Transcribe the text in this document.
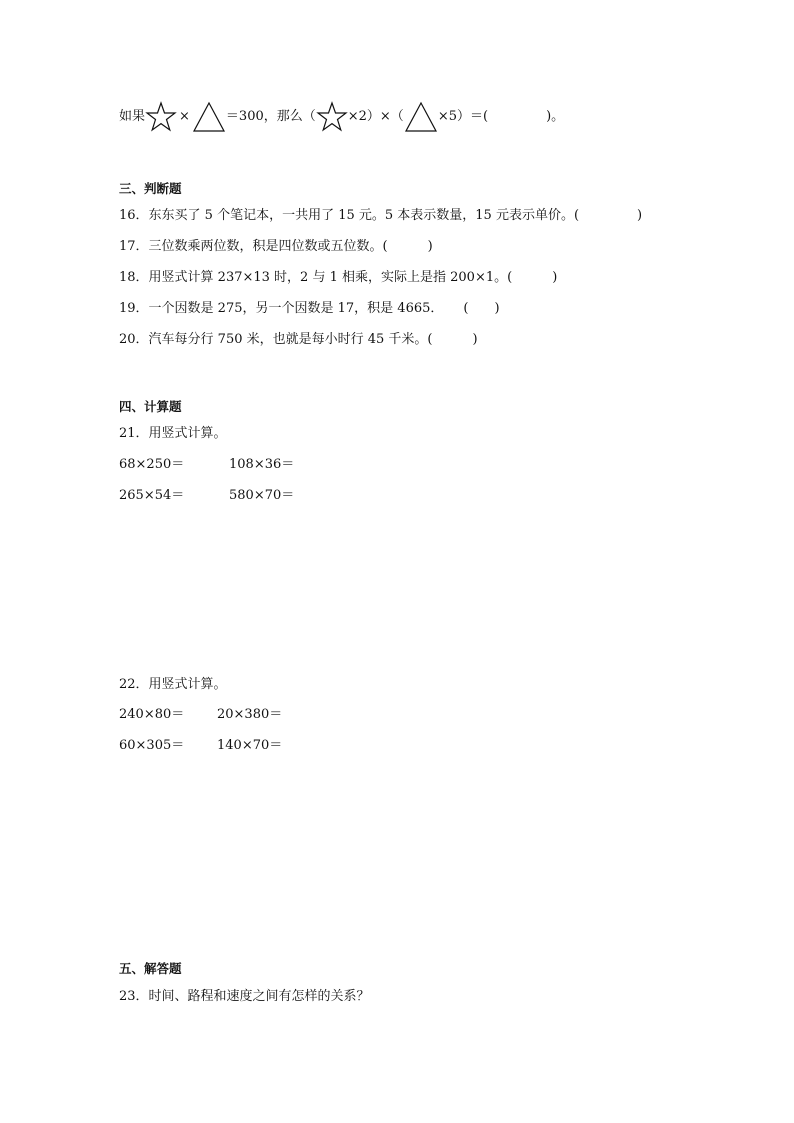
如果	×	＝300，那么（ ×2）×（	×5）＝(	)。
三、判断题
16．东东买了 5 个笔记本，一共用了 15 元。5 本表示数量，15 元表示单价。(	)
17．三位数乘两位数，积是四位数或五位数。(	)
18．用竖式计算 237×13 时，2 与 1 相乘，实际上是指 200×1。(	)
19．一个因数是 275，另一个因数是 17，积是 4665． ( )
20．汽车每分行 750 米，也就是每小时行 45 千米。(	)
四、计算题
21．用竖式计算。
68×250＝	108×36＝
265×54＝	580×70＝
22．用竖式计算。
240×80＝	20×380＝
60×305＝	140×70＝
五、解答题
23．时间、路程和速度之间有怎样的关系？
